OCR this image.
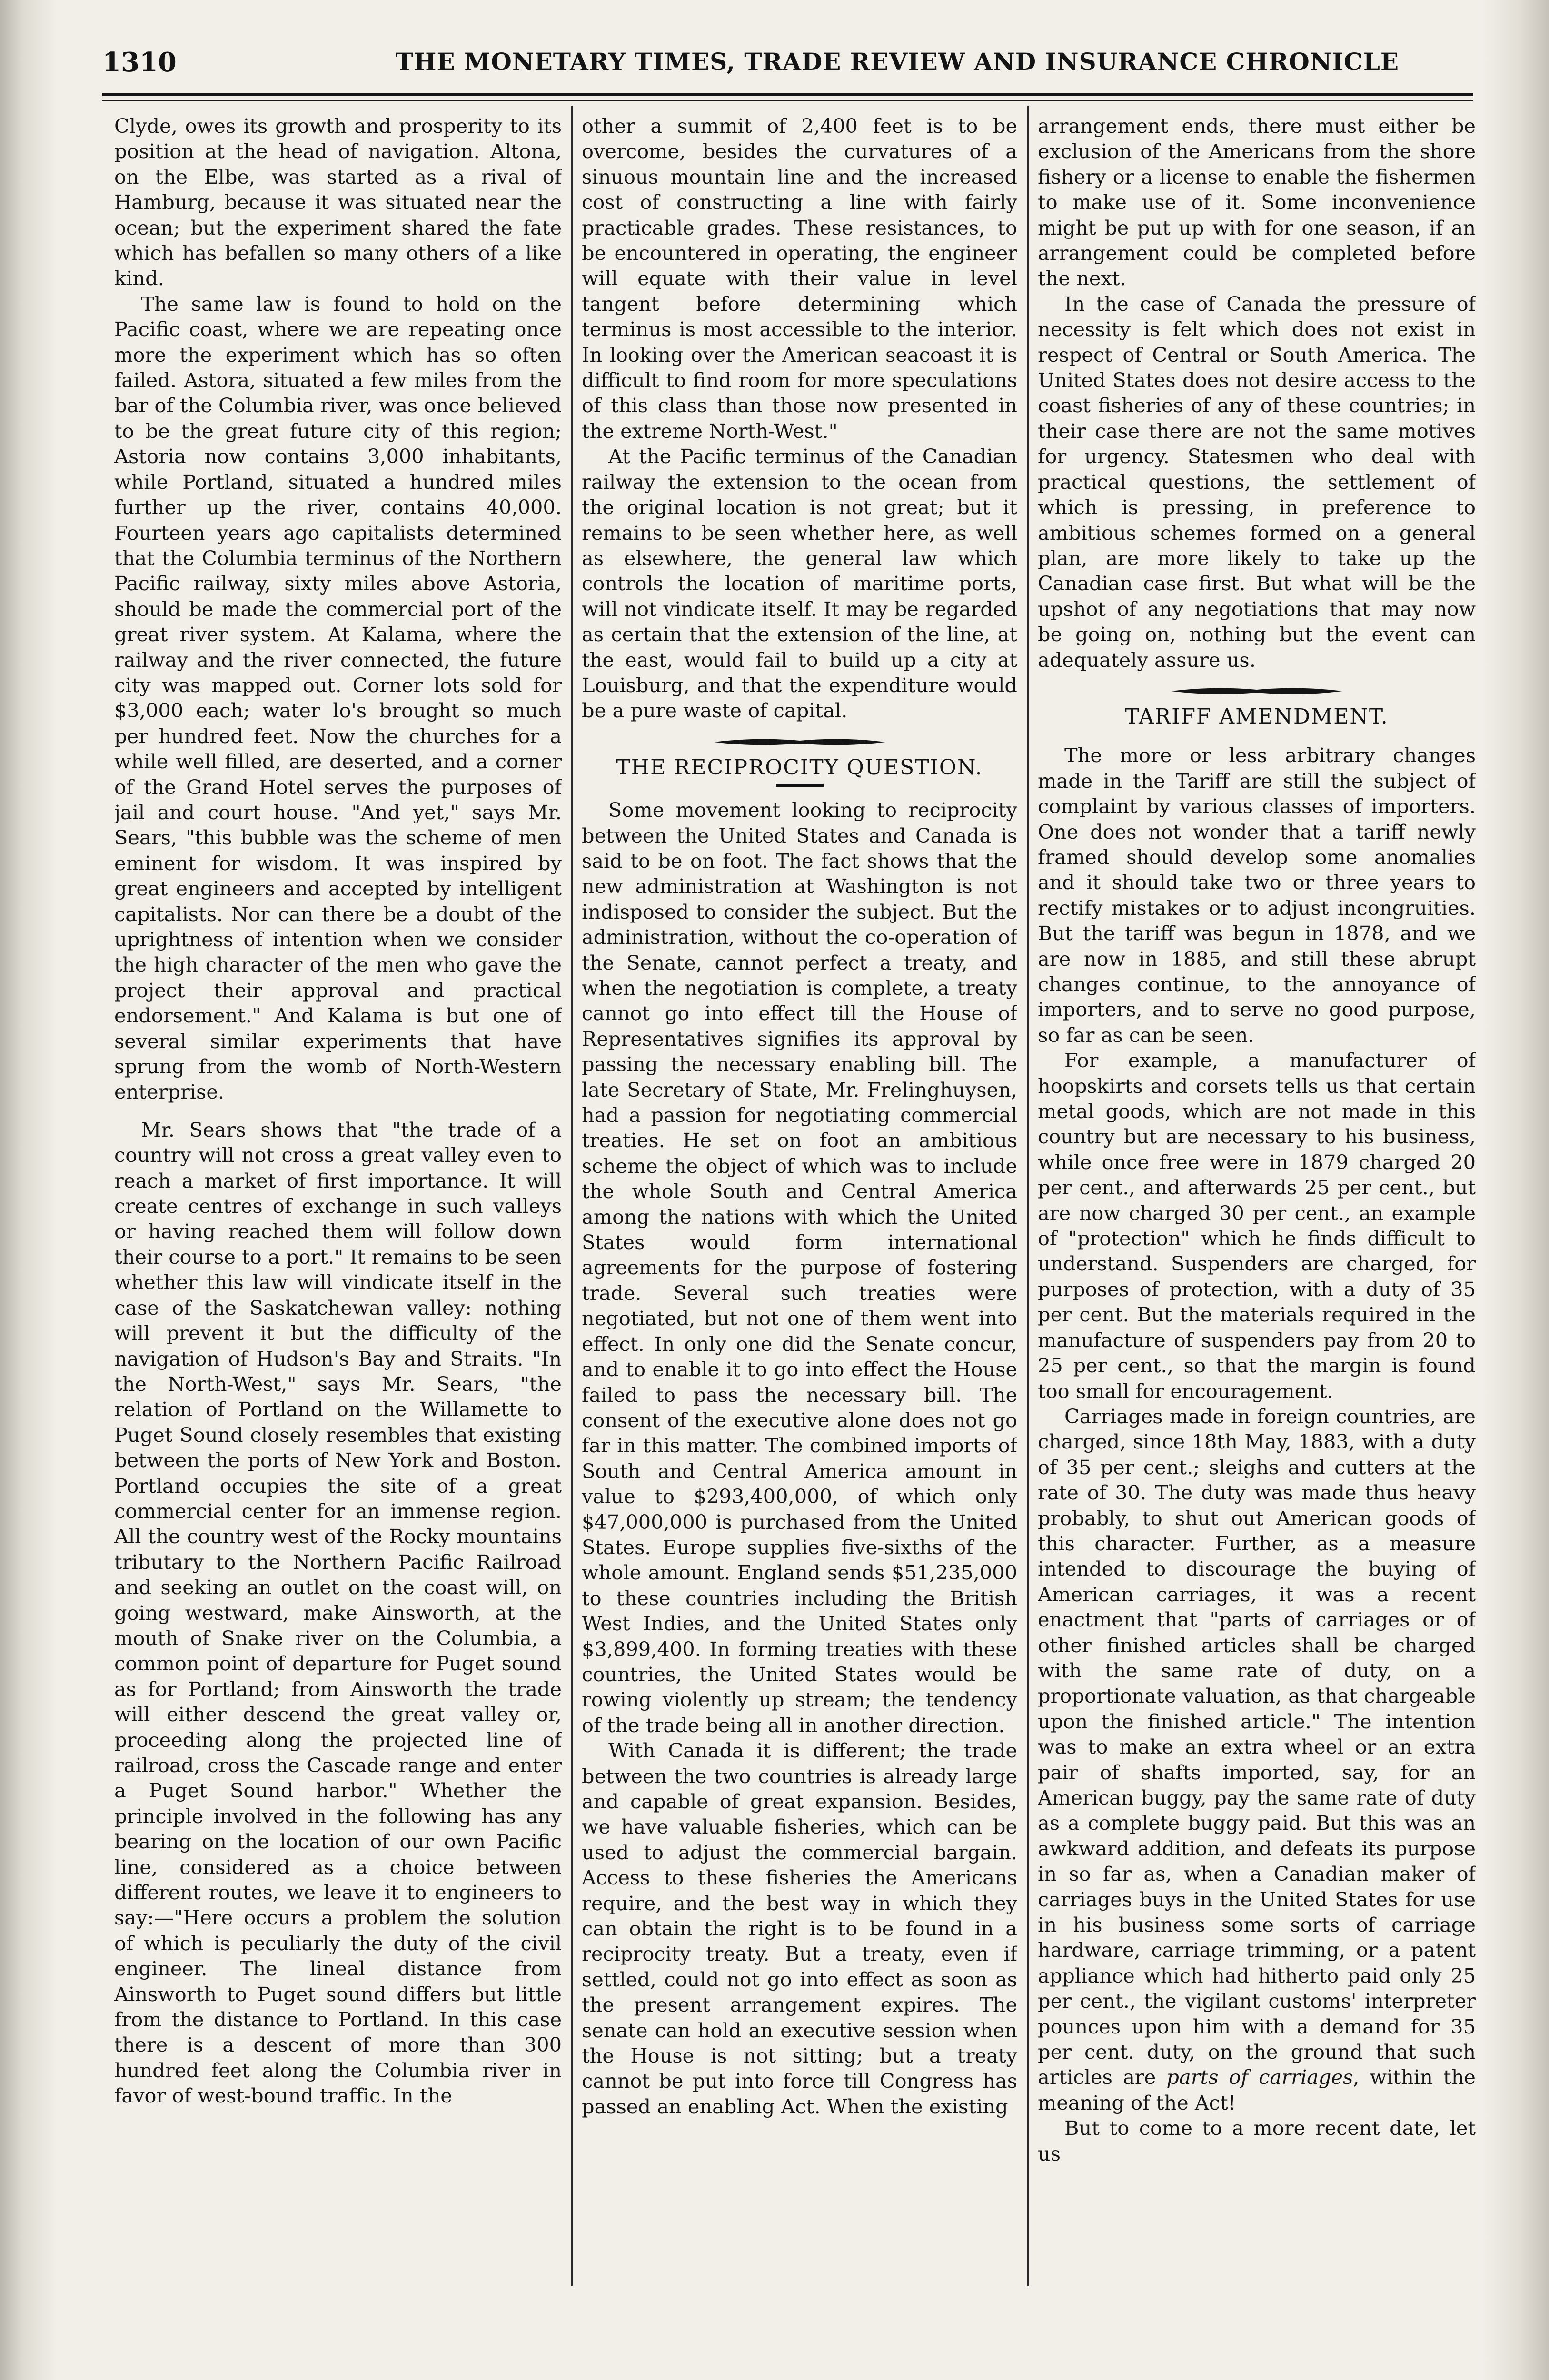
1310	THE MONETARY TIMES, TRADE REVIEW AND INSURANCE CHRONICLE

Clyde, owes its growth and prosperity to its position at the head of navigation. Altona, on the Elbe, was started as a rival of Hamburg, because it was situated near the ocean; but the experiment shared the fate which has befallen so many others of a like kind.

The same law is found to hold on the Pacific coast, where we are repeating once more the experiment which has so often failed. Astora, situated a few miles from the bar of the Columbia river, was once believed to be the great future city of this region; Astoria now contains 3,000 inhabitants, while Portland, situated a hundred miles further up the river, contains 40,000. Fourteen years ago capitalists determined that the Columbia terminus of the Northern Pacific railway, sixty miles above Astoria, should be made the commercial port of the great river system. At Kalama, where the railway and the river connected, the future city was mapped out. Corner lots sold for $3,000 each; water lo's brought so much per hundred feet. Now the churches for a while well filled, are deserted, and a corner of the Grand Hotel serves the purposes of jail and court house. "And yet," says Mr. Sears, "this bubble was the scheme of men eminent for wisdom. It was inspired by great engineers and accepted by intelligent capitalists. Nor can there be a doubt of the uprightness of intention when we consider the high character of the men who gave the project their approval and practical endorsement." And Kalama is but one of several similar experiments that have sprung from the womb of North-Western enterprise.

Mr. Sears shows that "the trade of a country will not cross a great valley even to reach a market of first importance. It will create centres of exchange in such valleys or having reached them will follow down their course to a port." It remains to be seen whether this law will vindicate itself in the case of the Saskatchewan valley: nothing will prevent it but the difficulty of the navigation of Hudson's Bay and Straits. "In the North-West," says Mr. Sears, "the relation of Portland on the Willamette to Puget Sound closely resembles that existing between the ports of New York and Boston. Portland occupies the site of a great commercial center for an immense region. All the country west of the Rocky mountains tributary to the Northern Pacific Railroad and seeking an outlet on the coast will, on going westward, make Ainsworth, at the mouth of Snake river on the Columbia, a common point of departure for Puget sound as for Portland; from Ainsworth the trade will either descend the great valley or, proceeding along the projected line of railroad, cross the Cascade range and enter a Puget Sound harbor." Whether the principle involved in the following has any bearing on the location of our own Pacific line, considered as a choice between different routes, we leave it to engineers to say:—"Here occurs a problem the solution of which is peculiarly the duty of the civil engineer. The lineal distance from Ainsworth to Puget sound differs but little from the distance to Portland. In this case there is a descent of more than 300 hundred feet along the Columbia river in favor of west-bound traffic. In the

other a summit of 2,400 feet is to be overcome, besides the curvatures of a sinuous mountain line and the increased cost of constructing a line with fairly practicable grades. These resistances, to be encountered in operating, the engineer will equate with their value in level tangent before determining which terminus is most accessible to the interior. In looking over the American seacoast it is difficult to find room for more speculations of this class than those now presented in the extreme North-West."

At the Pacific terminus of the Canadian railway the extension to the ocean from the original location is not great; but it remains to be seen whether here, as well as elsewhere, the general law which controls the location of maritime ports, will not vindicate itself. It may be regarded as certain that the extension of the line, at the east, would fail to build up a city at Louisburg, and that the expenditure would be a pure waste of capital.

THE RECIPROCITY QUESTION.

Some movement looking to reciprocity between the United States and Canada is said to be on foot. The fact shows that the new administration at Washington is not indisposed to consider the subject. But the administration, without the co-operation of the Senate, cannot perfect a treaty, and when the negotiation is complete, a treaty cannot go into effect till the House of Representatives signifies its approval by passing the necessary enabling bill. The late Secretary of State, Mr. Frelinghuysen, had a passion for negotiating commercial treaties. He set on foot an ambitious scheme the object of which was to include the whole South and Central America among the nations with which the United States would form international agreements for the purpose of fostering trade. Several such treaties were negotiated, but not one of them went into effect. In only one did the Senate concur, and to enable it to go into effect the House failed to pass the necessary bill. The consent of the executive alone does not go far in this matter. The combined imports of South and Central America amount in value to $293,400,000, of which only $47,000,000 is purchased from the United States. Europe supplies five-sixths of the whole amount. England sends $51,235,000 to these countries including the British West Indies, and the United States only $3,899,400. In forming treaties with these countries, the United States would be rowing violently up stream; the tendency of the trade being all in another direction.

With Canada it is different; the trade between the two countries is already large and capable of great expansion. Besides, we have valuable fisheries, which can be used to adjust the commercial bargain. Access to these fisheries the Americans require, and the best way in which they can obtain the right is to be found in a reciprocity treaty. But a treaty, even if settled, could not go into effect as soon as the present arrangement expires. The senate can hold an executive session when the House is not sitting; but a treaty cannot be put into force till Congress has passed an enabling Act. When the existing

arrangement ends, there must either be exclusion of the Americans from the shore fishery or a license to enable the fishermen to make use of it. Some inconvenience might be put up with for one season, if an arrangement could be completed before the next.

In the case of Canada the pressure of necessity is felt which does not exist in respect of Central or South America. The United States does not desire access to the coast fisheries of any of these countries; in their case there are not the same motives for urgency. Statesmen who deal with practical questions, the settlement of which is pressing, in preference to ambitious schemes formed on a general plan, are more likely to take up the Canadian case first. But what will be the upshot of any negotiations that may now be going on, nothing but the event can adequately assure us.

TARIFF AMENDMENT.

The more or less arbitrary changes made in the Tariff are still the subject of complaint by various classes of importers. One does not wonder that a tariff newly framed should develop some anomalies and it should take two or three years to rectify mistakes or to adjust incongruities. But the tariff was begun in 1878, and we are now in 1885, and still these abrupt changes continue, to the annoyance of importers, and to serve no good purpose, so far as can be seen.

For example, a manufacturer of hoopskirts and corsets tells us that certain metal goods, which are not made in this country but are necessary to his business, while once free were in 1879 charged 20 per cent., and afterwards 25 per cent., but are now charged 30 per cent., an example of "protection" which he finds difficult to understand. Suspenders are charged, for purposes of protection, with a duty of 35 per cent. But the materials required in the manufacture of suspenders pay from 20 to 25 per cent., so that the margin is found too small for encouragement.

Carriages made in foreign countries, are charged, since 18th May, 1883, with a duty of 35 per cent.; sleighs and cutters at the rate of 30. The duty was made thus heavy probably, to shut out American goods of this character. Further, as a measure intended to discourage the buying of American carriages, it was a recent enactment that "parts of carriages or of other finished articles shall be charged with the same rate of duty, on a proportionate valuation, as that chargeable upon the finished article." The intention was to make an extra wheel or an extra pair of shafts imported, say, for an American buggy, pay the same rate of duty as a complete buggy paid. But this was an awkward addition, and defeats its purpose in so far as, when a Canadian maker of carriages buys in the United States for use in his business some sorts of carriage hardware, carriage trimming, or a patent appliance which had hitherto paid only 25 per cent., the vigilant customs' interpreter pounces upon him with a demand for 35 per cent. duty, on the ground that such articles are parts of carriages, within the meaning of the Act!

But to come to a more recent date, let us
